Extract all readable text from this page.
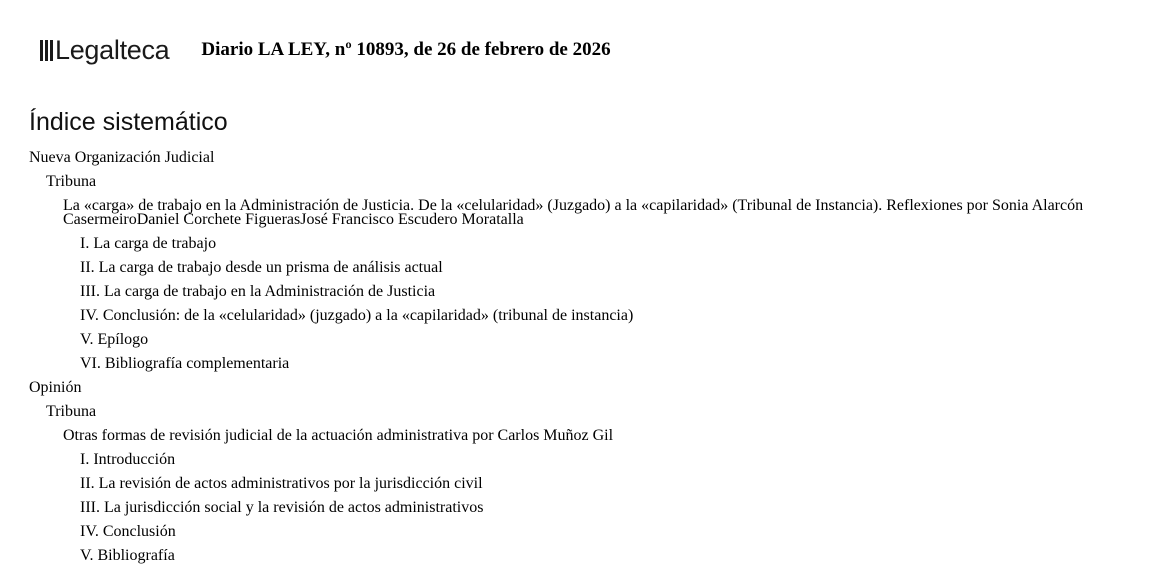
Legalteca Diario LA LEY, nº 10893, de 26 de febrero de 2026
Índice sistemático
Nueva Organización Judicial
Tribuna
La «carga» de trabajo en la Administración de Justicia. De la «celularidad» (Juzgado) a la «capilaridad» (Tribunal de Instancia). Reflexiones por Sonia Alarcón CasermeiroDaniel Corchete FiguerasJosé Francisco Escudero Moratalla
I. La carga de trabajo
II. La carga de trabajo desde un prisma de análisis actual
III. La carga de trabajo en la Administración de Justicia
IV. Conclusión: de la «celularidad» (juzgado) a la «capilaridad» (tribunal de instancia)
V. Epílogo
VI. Bibliografía complementaria
Opinión
Tribuna
Otras formas de revisión judicial de la actuación administrativa por Carlos Muñoz Gil
I. Introducción
II. La revisión de actos administrativos por la jurisdicción civil
III. La jurisdicción social y la revisión de actos administrativos
IV. Conclusión
V. Bibliografía
